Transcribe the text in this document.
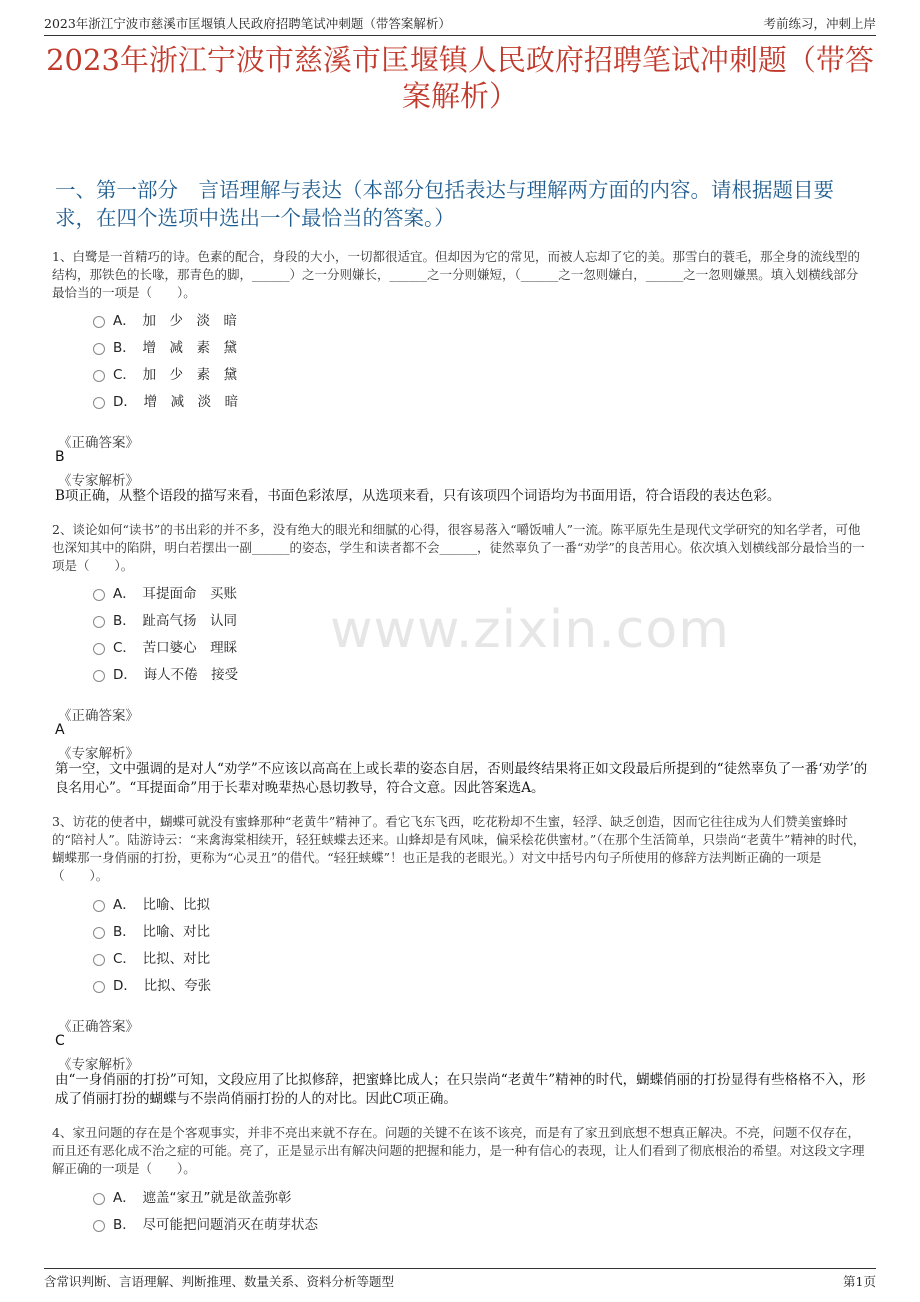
2023年浙江宁波市慈溪市匡堰镇人民政府招聘笔试冲刺题（带答案解析）	考前练习，冲刺上岸
2023年浙江宁波市慈溪市匡堰镇人民政府招聘笔试冲刺题（带答案解析）
一、第一部分　言语理解与表达（本部分包括表达与理解两方面的内容。请根据题目要求，在四个选项中选出一个最恰当的答案。）
www.zixin.com
1、白鹭是一首精巧的诗。色素的配合，身段的大小，一切都很适宜。但却因为它的常见，而被人忘却了它的美。那雪白的蓑毛，那全身的流线型的结构，那铁色的长喙，那青色的脚，______）之一分则嫌长，______之一分则嫌短，（______之一忽则嫌白，______之一忽则嫌黑。填入划横线部分最恰当的一项是（　　）。
A．　加　少　淡　暗
B．　增　减　素　黛
C．　加　少　素　黛
D．　增　减　淡　暗
《正确答案》
B
《专家解析》
B项正确，从整个语段的描写来看，书面色彩浓厚，从选项来看，只有该项四个词语均为书面用语，符合语段的表达色彩。
2、谈论如何“读书”的书出彩的并不多，没有绝大的眼光和细腻的心得，很容易落入“嚼饭哺人”一流。陈平原先生是现代文学研究的知名学者，可他也深知其中的陷阱，明白若摆出一副______的姿态，学生和读者都不会______，徒然辜负了一番“劝学”的良苦用心。依次填入划横线部分最恰当的一项是（　　）。
A．　耳提面命　买账
B．　趾高气扬　认同
C．　苦口婆心　理睬
D．　诲人不倦　接受
《正确答案》
A
《专家解析》
第一空，文中强调的是对人“劝学”不应该以高高在上或长辈的姿态自居，否则最终结果将正如文段最后所提到的“徒然辜负了一番‘劝学’的良名用心”。“耳提面命”用于长辈对晚辈热心恳切教导，符合文意。因此答案选A。
3、访花的使者中，蝴蝶可就没有蜜蜂那种“老黄牛”精神了。看它飞东飞西，吃花粉却不生蜜，轻浮、缺乏创造，因而它往往成为人们赞美蜜蜂时的“陪衬人”。陆游诗云：“来禽海棠相续开，轻狂蛱蝶去还来。山蜂却是有风味，偏采桧花供蜜材。”（在那个生活简单，只崇尚“老黄牛”精神的时代，蝴蝶那一身俏丽的打扮，更称为“心灵丑”的借代。“轻狂蛱蝶”！也正是我的老眼光。）对文中括号内句子所使用的修辞方法判断正确的一项是（　　）。
A．　比喻、比拟
B．　比喻、对比
C．　比拟、对比
D．　比拟、夸张
《正确答案》
C
《专家解析》
由“一身俏丽的打扮”可知，文段应用了比拟修辞，把蜜蜂比成人；在只崇尚“老黄牛”精神的时代，蝴蝶俏丽的打扮显得有些格格不入，形成了俏丽打扮的蝴蝶与不崇尚俏丽打扮的人的对比。因此C项正确。
4、家丑问题的存在是个客观事实，并非不亮出来就不存在。问题的关键不在该不该亮，而是有了家丑到底想不想真正解决。不亮，问题不仅存在，而且还有恶化成不治之症的可能。亮了，正是显示出有解决问题的把握和能力，是一种有信心的表现，让人们看到了彻底根治的希望。对这段文字理解正确的一项是（　　）。
A．　遮盖“家丑”就是欲盖弥彰
B．　尽可能把问题消灭在萌芽状态
含常识判断、言语理解、判断推理、数量关系、资料分析等题型	第1页
